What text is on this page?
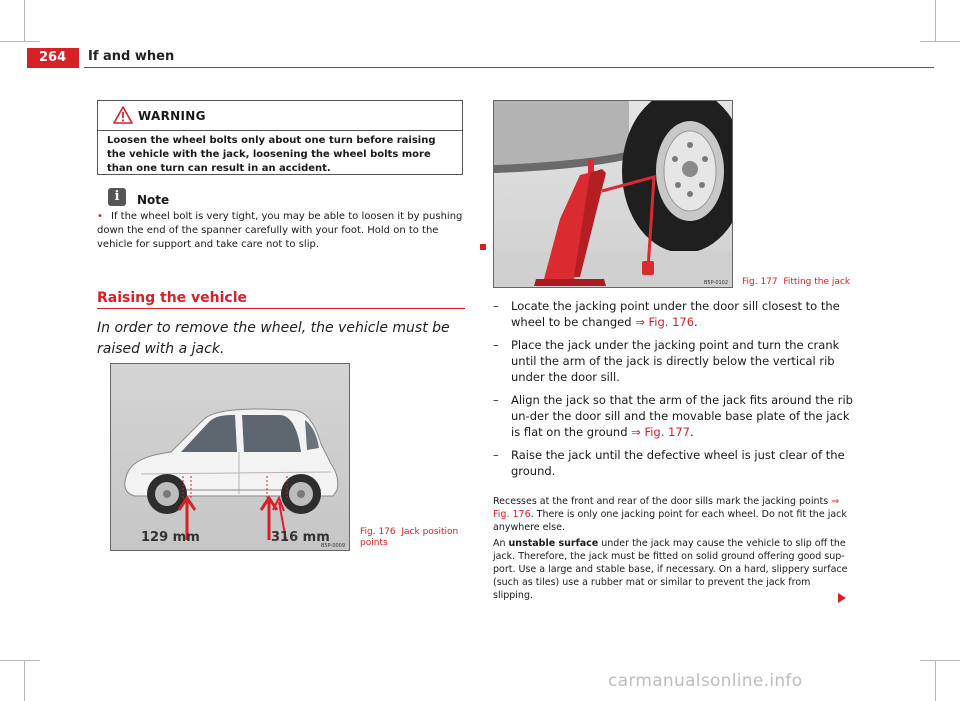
264	If and when
WARNING
Loosen the wheel bolts only about one turn before raising the vehicle with the jack, loosening the wheel bolts more than one turn can result in an accident.
i	Note
• If the wheel bolt is very tight, you may be able to loosen it by pushing down the end of the spanner carefully with your foot. Hold on to the vehicle for support and take care not to slip.
Raising the vehicle
In order to remove the wheel, the vehicle must be raised with a jack.
129 mm	316 mm
B5P-0009
Fig. 176 Jack position points
B5P-0102 Fig. 177 Fitting the jack
– Locate the jacking point under the door sill closest to the wheel to be changed ⇒ Fig. 176.
– Place the jack under the jacking point and turn the crank until the arm of the jack is directly below the vertical rib under the door sill.
– Align the jack so that the arm of the jack fits around the rib un-der the door sill and the movable base plate of the jack is flat on the ground ⇒ Fig. 177.
– Raise the jack until the defective wheel is just clear of the ground.
Recesses at the front and rear of the door sills mark the jacking points ⇒ Fig. 176. There is only one jacking point for each wheel. Do not fit the jack anywhere else.
An unstable surface under the jack may cause the vehicle to slip off the jack. Therefore, the jack must be fitted on solid ground offering good sup-port. Use a large and stable base, if necessary. On a hard, slippery surface (such as tiles) use a rubber mat or similar to prevent the jack from slipping.
carmanualsonline.info
